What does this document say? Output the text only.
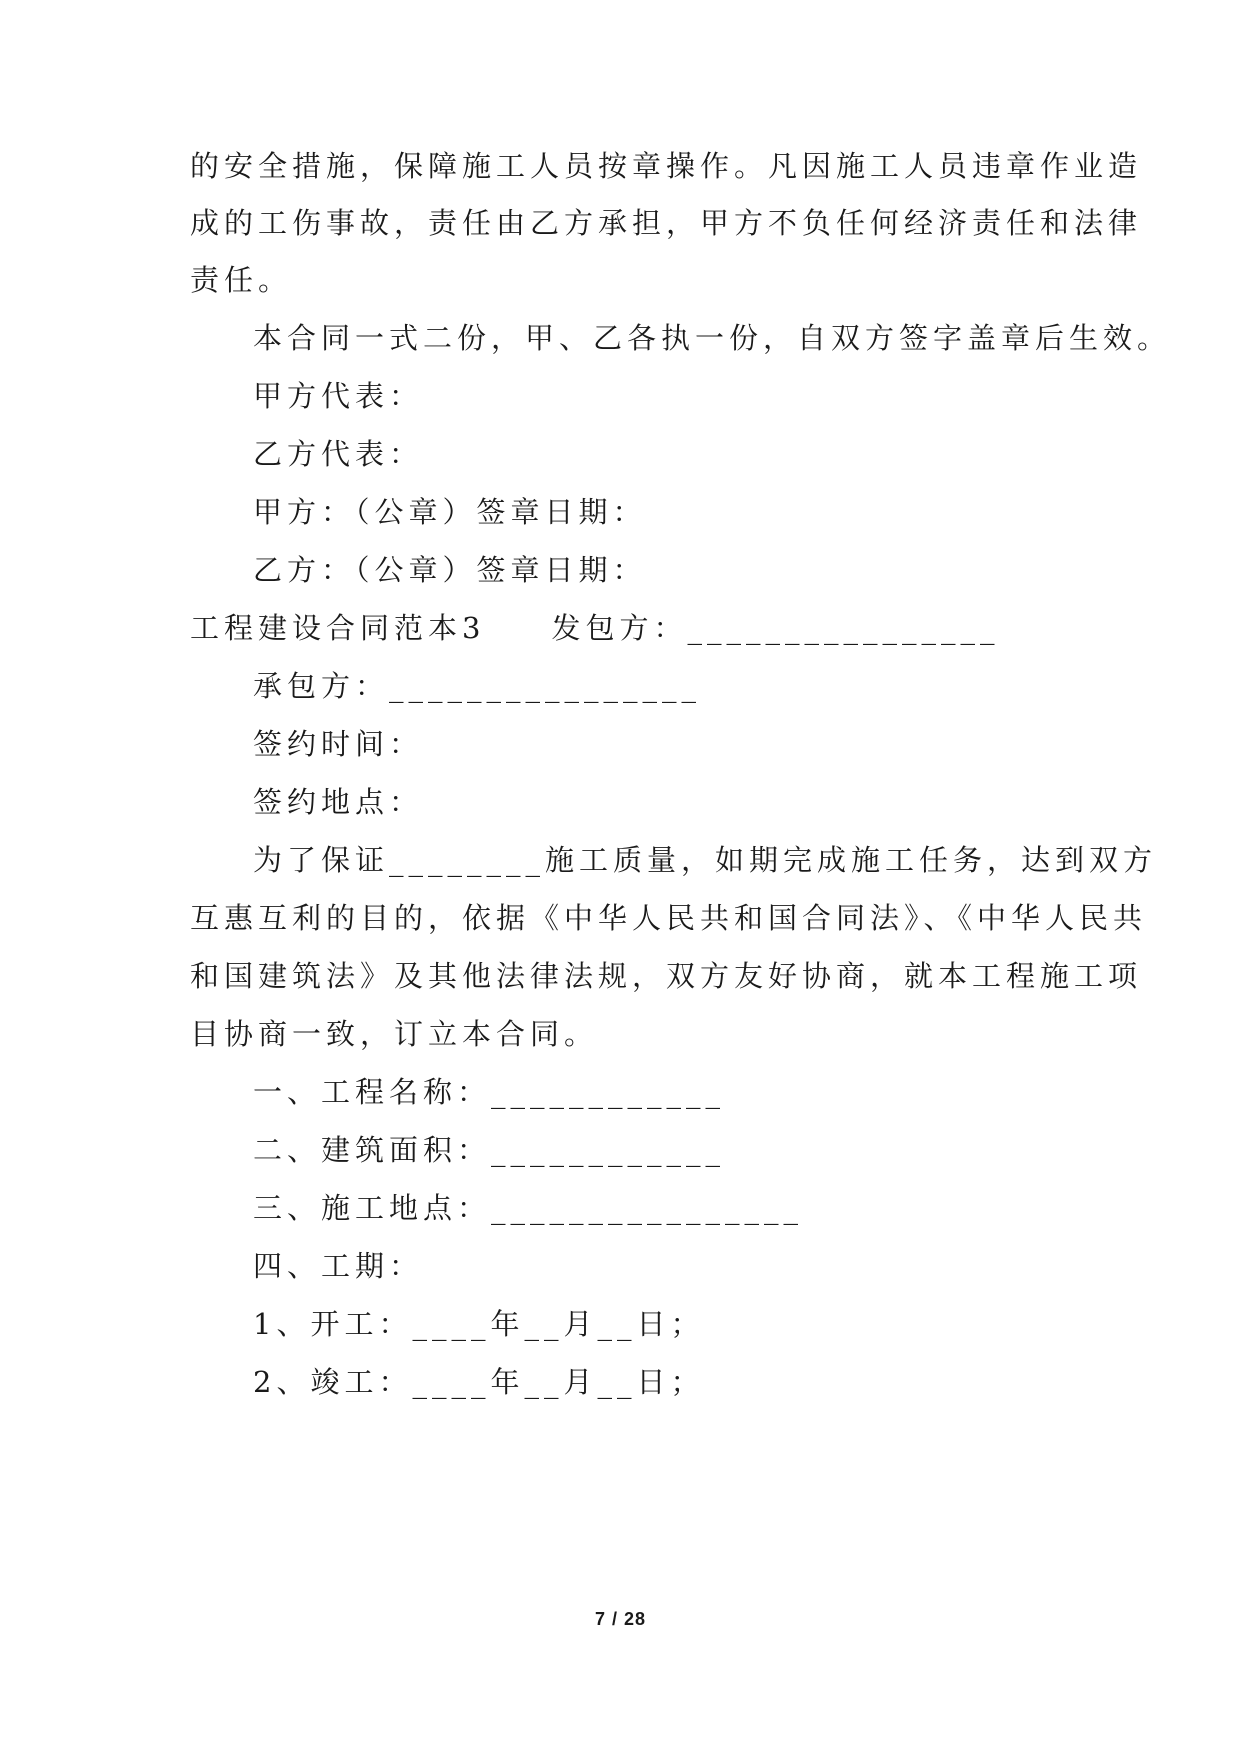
的安全措施，保障施工人员按章操作。凡因施工人员违章作业造
成的工伤事故，责任由乙方承担，甲方不负任何经济责任和法律
责任。
本合同一式二份，甲、乙各执一份，自双方签字盖章后生效。
甲方代表：
乙方代表：
甲方：（公章）签章日期：
乙方：（公章）签章日期：
工程建设合同范本3 发包方：________________
承包方：________________
签约时间：
签约地点：
为了保证________施工质量，如期完成施工任务，达到双方
互惠互利的目的，依据《中华人民共和国合同法》、《中华人民共
和国建筑法》及其他法律法规，双方友好协商，就本工程施工项
目协商一致，订立本合同。
一、工程名称：____________
二、建筑面积：____________
三、施工地点：________________
四、工期：
1、开工：____年__月__日；
2、竣工：____年__月__日；
7 / 28
